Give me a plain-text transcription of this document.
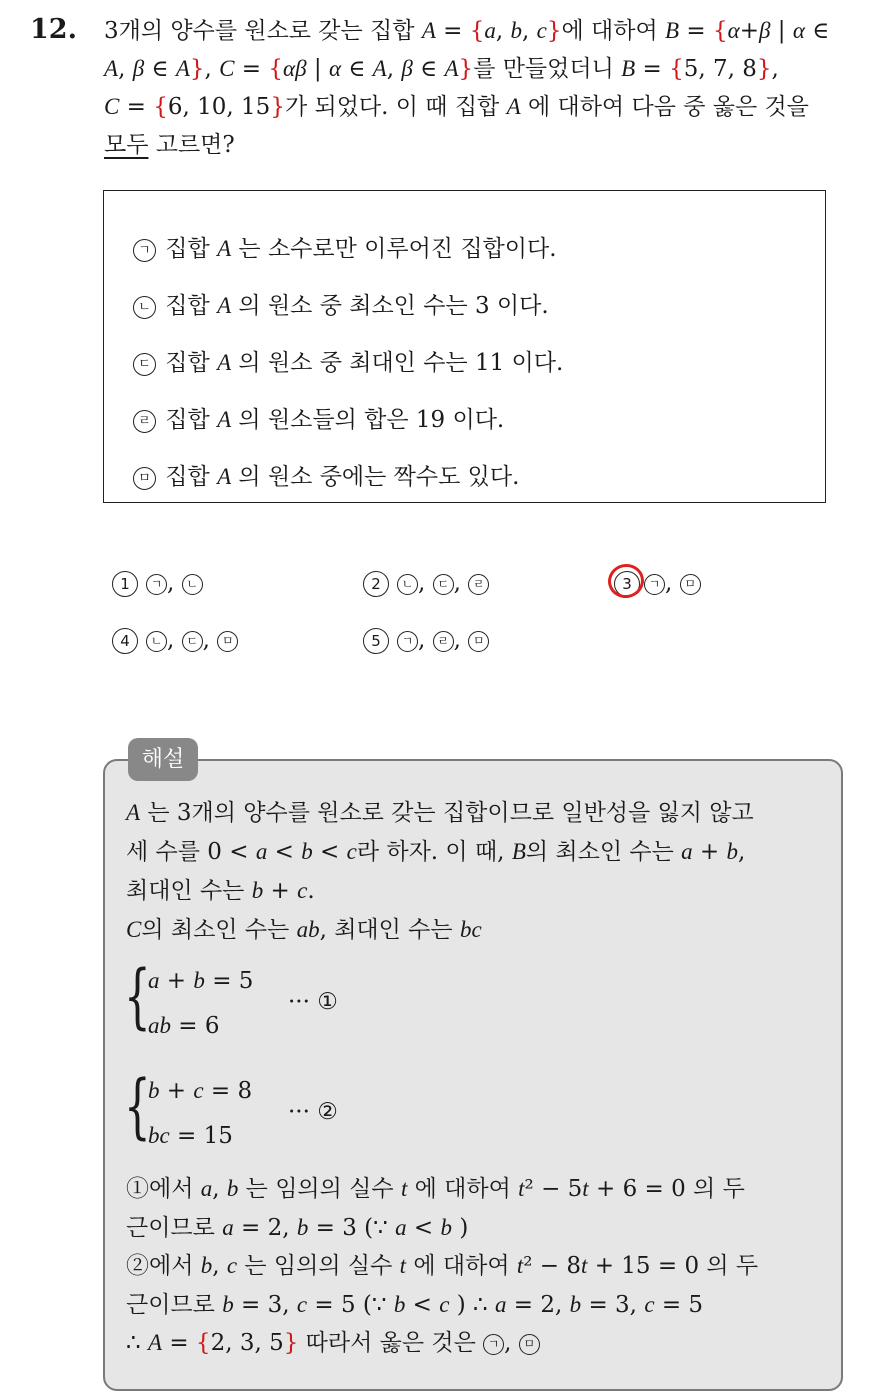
12. 3개의 양수를 원소로 갖는 집합 A = {a, b, c}에 대하여 B = {α+β | α ∈
A, β ∈ A}, C = {αβ | α ∈ A, β ∈ A}를 만들었더니 B = {5, 7, 8},
C = {6, 10, 15}가 되었다. 이 때 집합 A 에 대하여 다음 중 옳은 것을
모두 고르면?
ㄱ 집합 A 는 소수로만 이루어진 집합이다.
ㄴ 집합 A 의 원소 중 최소인 수는 3 이다.
ㄷ 집합 A 의 원소 중 최대인 수는 11 이다.
ㄹ 집합 A 의 원소들의 합은 19 이다.
ㅁ 집합 A 의 원소 중에는 짝수도 있다.
1 ㄱ , ㄴ	2 ㄴ , ㄷ , ㄹ	3 ㄱ , ㅁ
4 ㄴ , ㄷ , ㅁ	5 ㄱ , ㄹ , ㅁ
해설
A 는 3개의 양수를 원소로 갖는 집합이므로 일반성을 잃지 않고
세 수를 0 < a < b < c라 하자. 이 때, B의 최소인 수는 a + b,
최대인 수는 b + c.
C의 최소인 수는 ab, 최대인 수는 bc
{
a + b = 5
ab = 6
··· ①
{
b + c = 8
bc = 15
··· ②
①에서 a, b 는 임의의 실수 t 에 대하여 t² − 5t + 6 = 0 의 두
근이므로 a = 2, b = 3 (∵ a < b )
②에서 b, c 는 임의의 실수 t 에 대하여 t² − 8t + 15 = 0 의 두
근이므로 b = 3, c = 5 (∵ b < c ) ∴ a = 2, b = 3, c = 5
∴ A = {2, 3, 5} 따라서 옳은 것은 ㄱ , ㅁ
